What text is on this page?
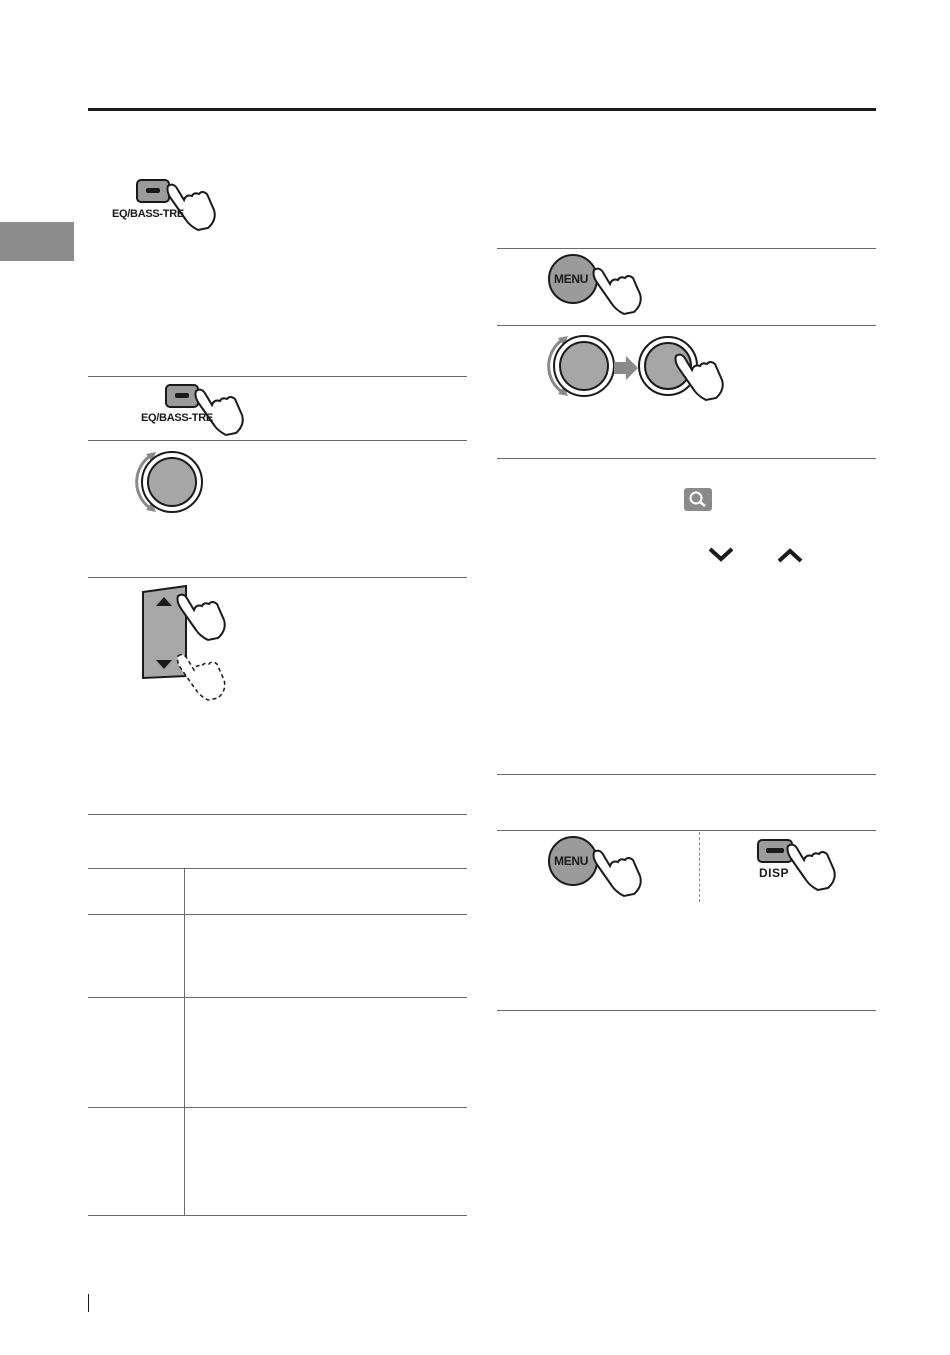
EQ/BASS-TRE
EQ/BASS-TRE
MENU
MENU
DISP
